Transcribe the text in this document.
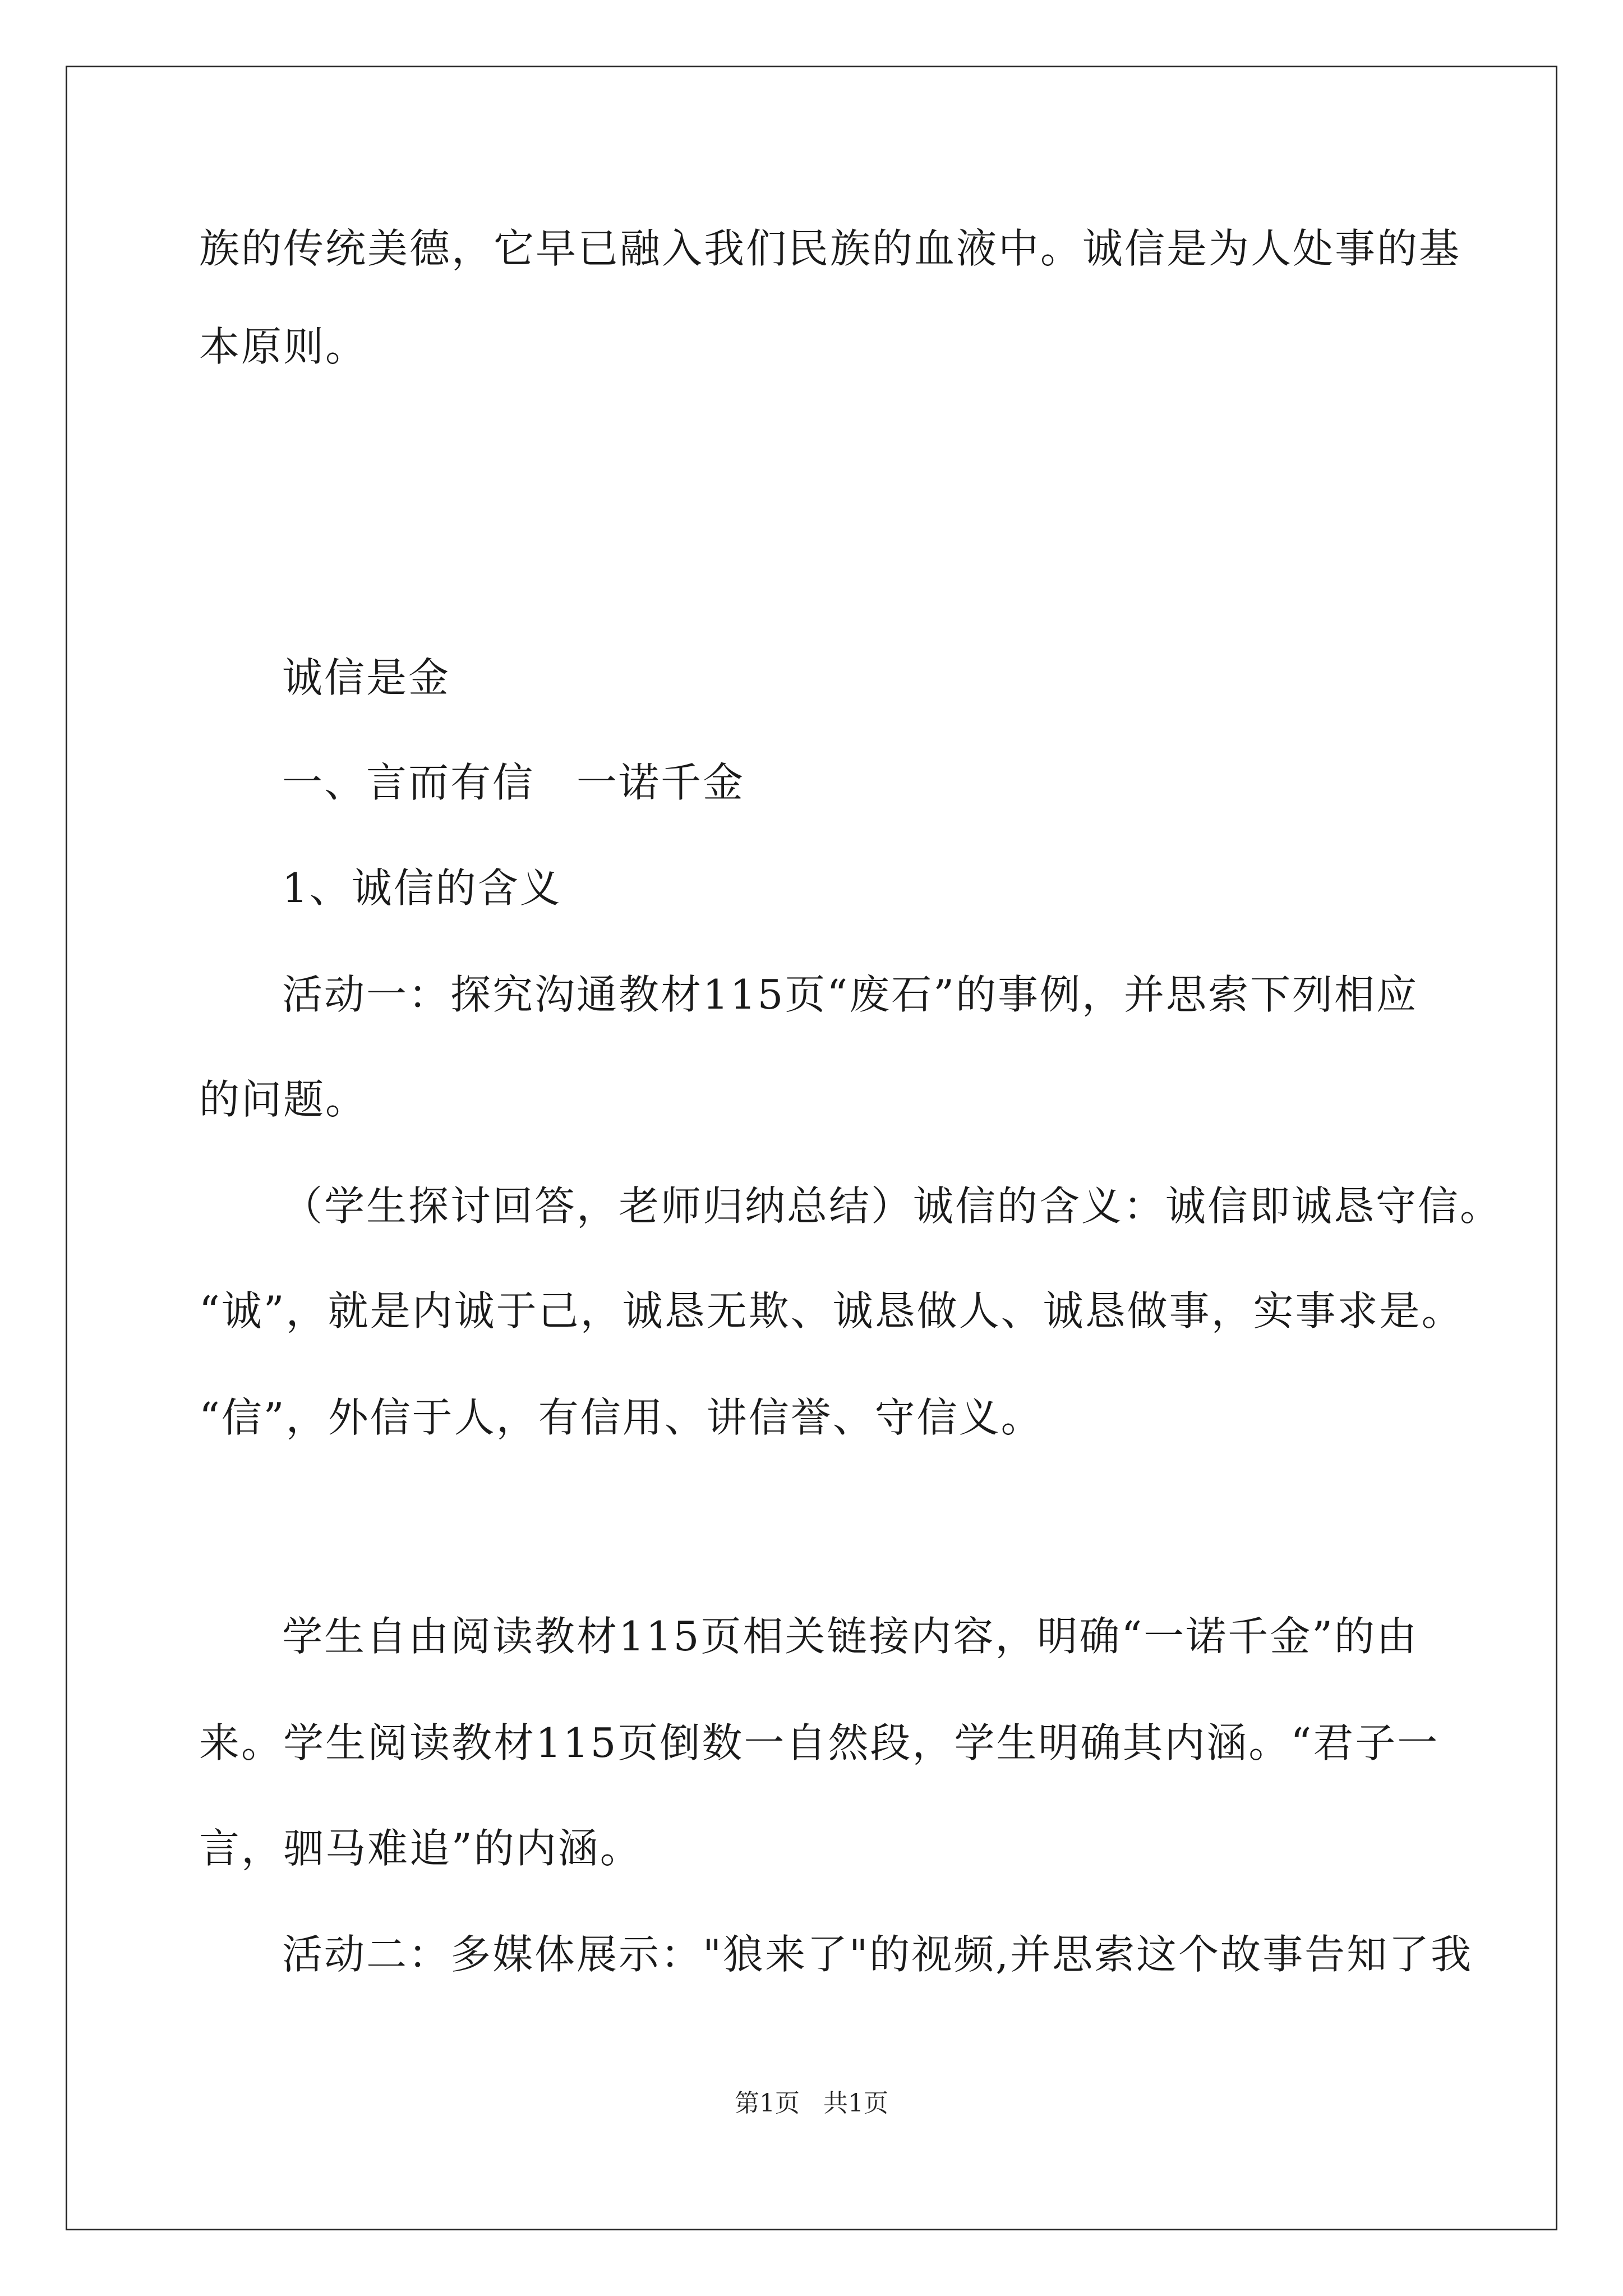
族的传统美德，它早已融入我们民族的血液中。诚信是为人处事的基
本原则。
诚信是金
一、言而有信　一诺千金
1、诚信的含义
活动一：探究沟通教材115页“废石”的事例，并思索下列相应
的问题。
（学生探讨回答，老师归纳总结）诚信的含义：诚信即诚恳守信。
“诚”，就是内诚于己，诚恳无欺、诚恳做人、诚恳做事，实事求是。
“信”，外信于人，有信用、讲信誉、守信义。
学生自由阅读教材115页相关链接内容，明确“一诺千金”的由
来。学生阅读教材115页倒数一自然段，学生明确其内涵。“君子一
言，驷马难追”的内涵。
活动二：多媒体展示："狼来了"的视频,并思索这个故事告知了我
第1页 共1页
